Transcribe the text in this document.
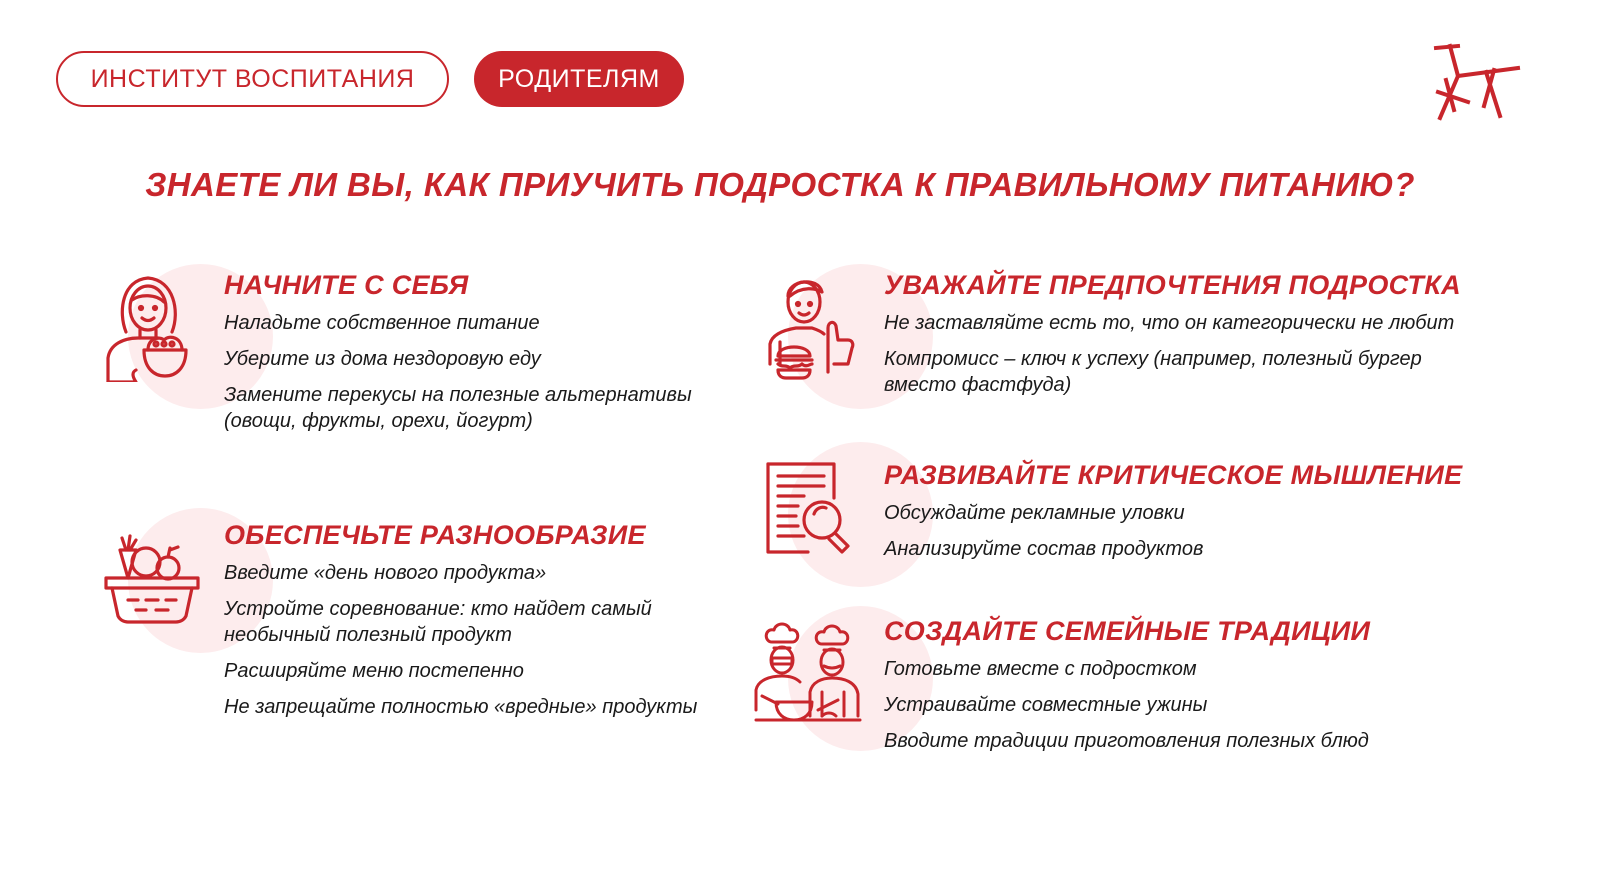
ИНСТИТУТ ВОСПИТАНИЯ	РОДИТЕЛЯМ
ЗНАЕТЕ ЛИ ВЫ, КАК ПРИУЧИТЬ ПОДРОСТКА К ПРАВИЛЬНОМУ ПИТАНИЮ?
НАЧНИТЕ С СЕБЯ
Наладьте собственное питание
Уберите из дома нездоровую еду
Замените перекусы на полезные альтернативы (овощи, фрукты, орехи, йогурт)
ОБЕСПЕЧЬТЕ РАЗНООБРАЗИЕ
Введите «день нового продукта»
Устройте соревнование: кто найдет самый необычный полезный продукт
Расширяйте меню постепенно
Не запрещайте полностью «вредные» продукты
УВАЖАЙТЕ ПРЕДПОЧТЕНИЯ ПОДРОСТКА
Не заставляйте есть то, что он категорически не любит
Компромисс – ключ к успеху (например, полезный бургер вместо фастфуда)
РАЗВИВАЙТЕ КРИТИЧЕСКОЕ МЫШЛЕНИЕ
Обсуждайте рекламные уловки
Анализируйте состав продуктов
СОЗДАЙТЕ СЕМЕЙНЫЕ ТРАДИЦИИ
Готовьте вместе с подростком
Устраивайте совместные ужины
Вводите традиции приготовления полезных блюд
